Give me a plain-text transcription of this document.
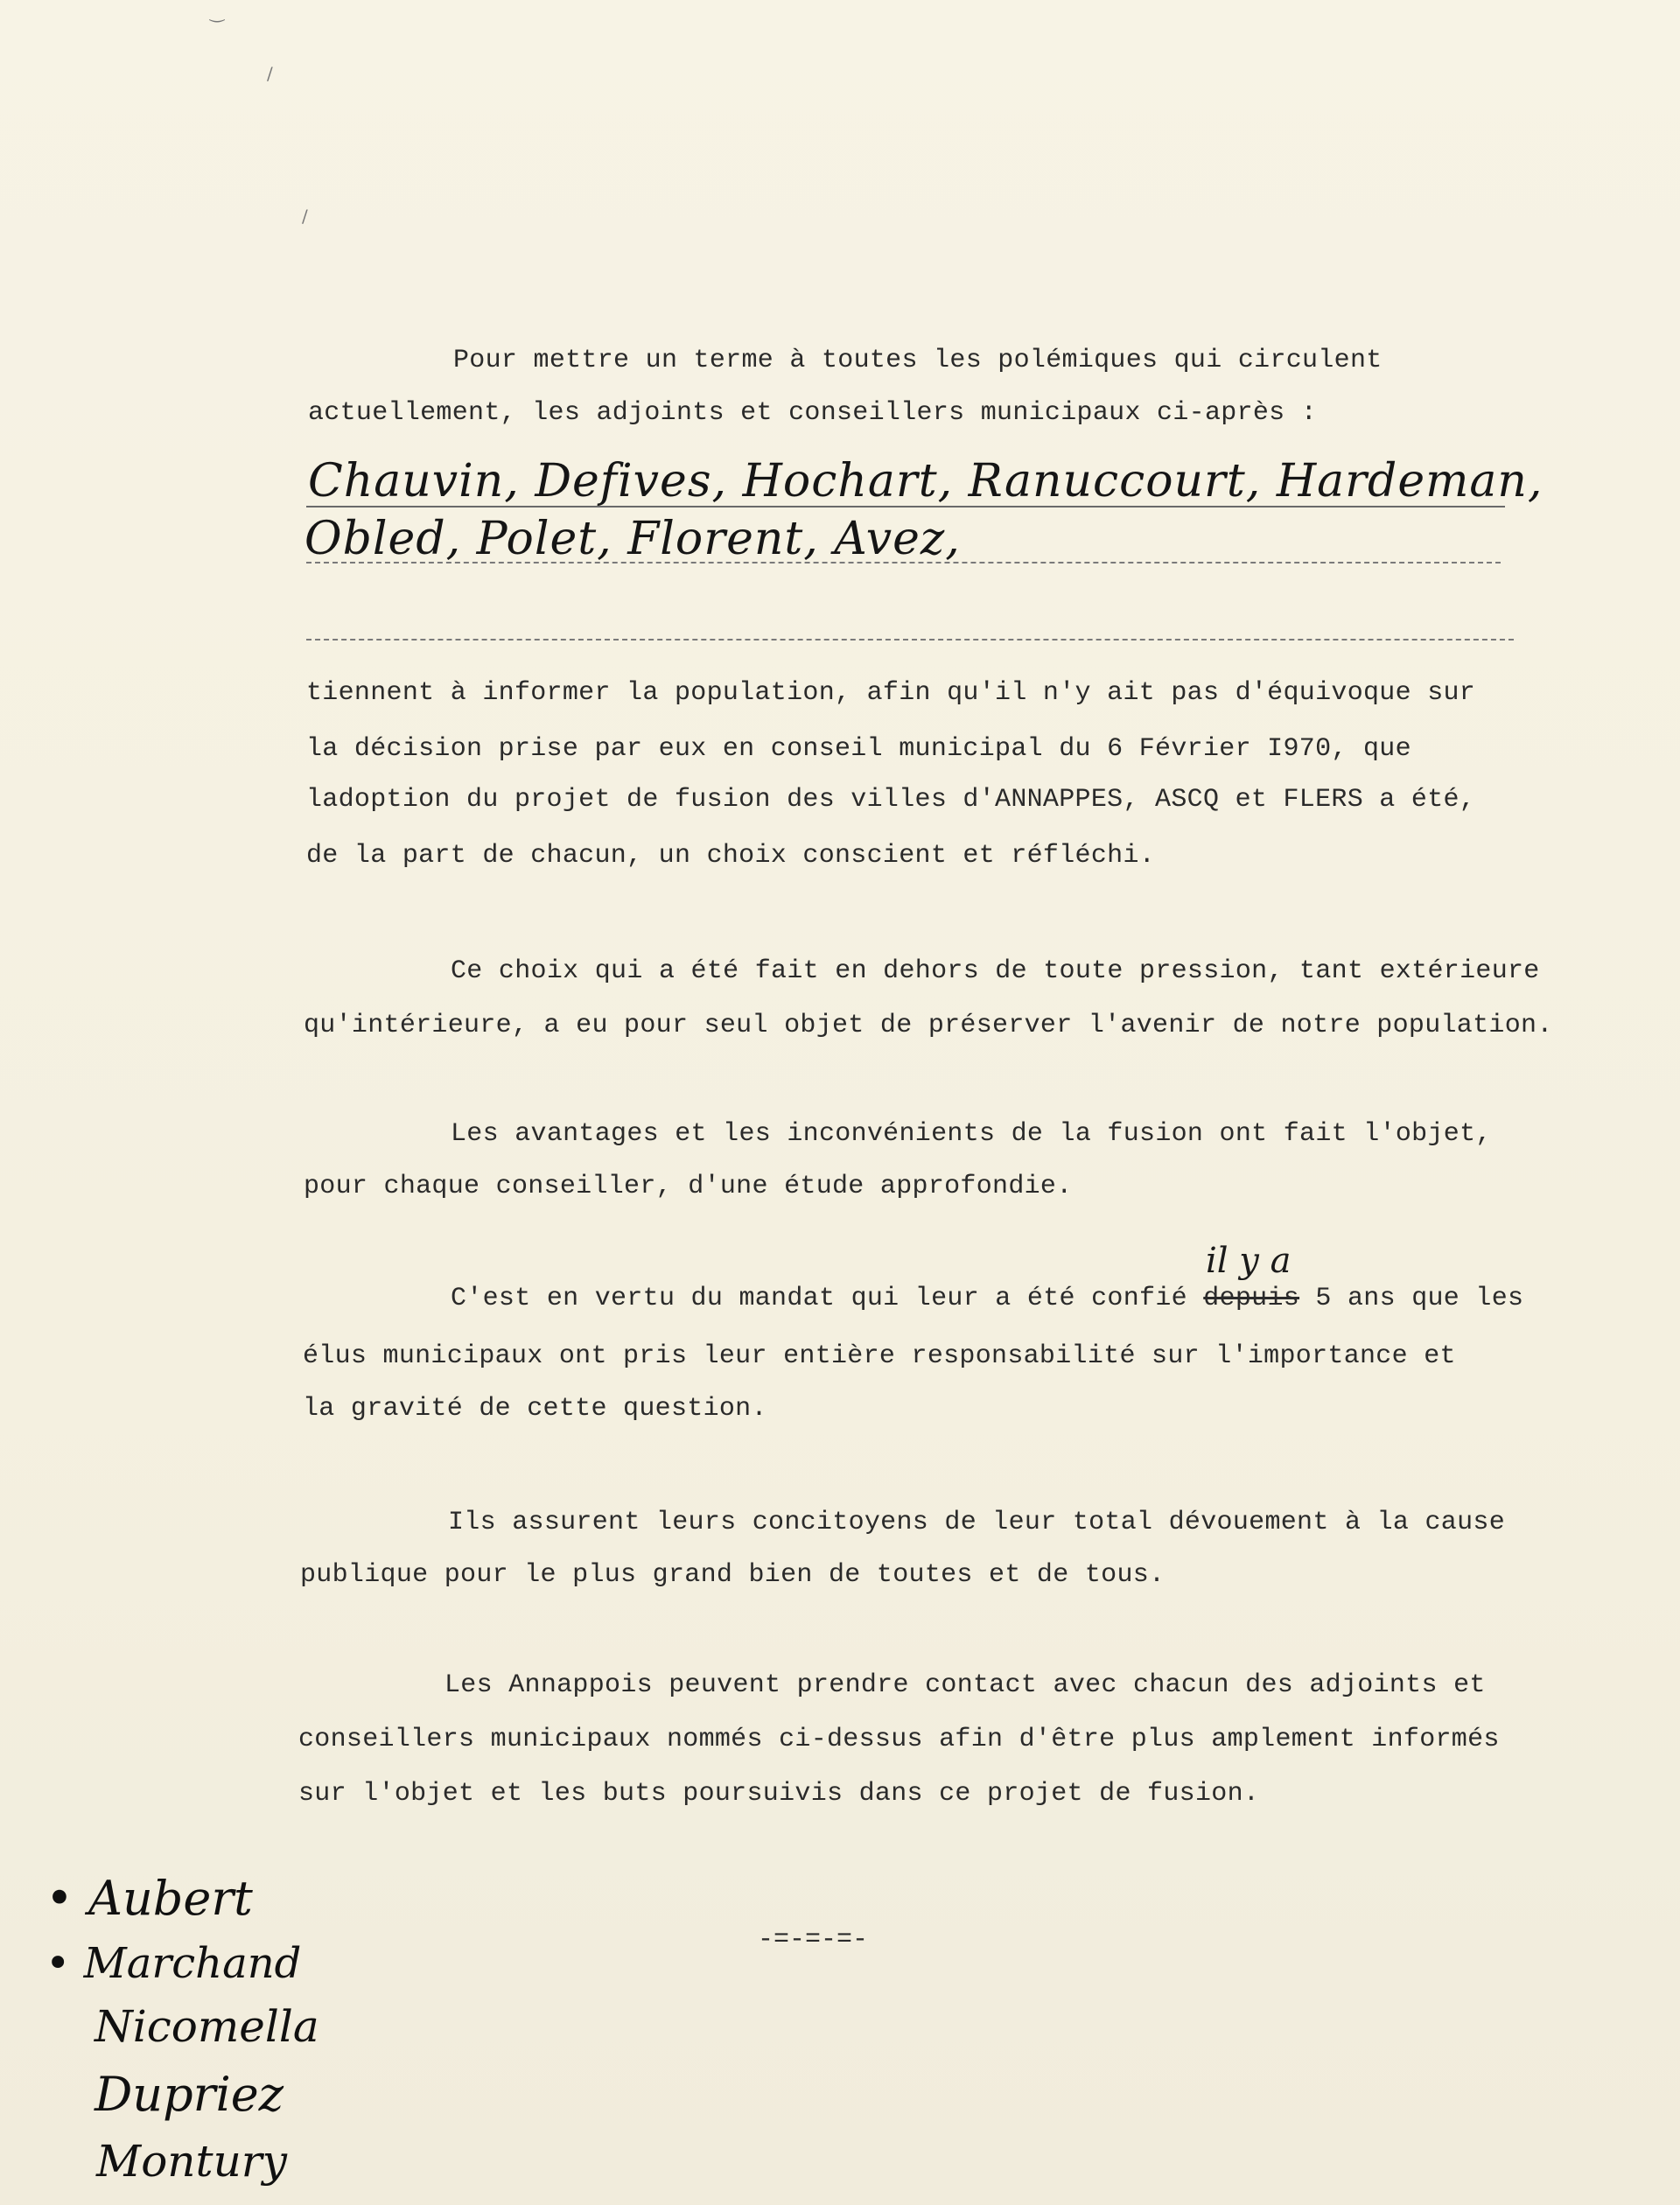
‿
/
/
Pour mettre un terme à toutes les polémiques qui circulent
actuellement, les adjoints et conseillers municipaux ci-après :
Chauvin, Defives, Hochart, Ranuccourt, Hardeman,
Obled, Polet, Florent, Avez,
tiennent à informer la population, afin qu'il n'y ait pas d'équivoque sur
la décision prise par eux en conseil municipal du 6 Février I970, que
ladoption du projet de fusion des villes d'ANNAPPES, ASCQ et FLERS a été,
de la part de chacun, un choix conscient et réfléchi.
Ce choix qui a été fait en dehors de toute pression, tant extérieure
qu'intérieure, a eu pour seul objet de préserver l'avenir de notre population.
Les avantages et les inconvénients de la fusion ont fait l'objet,
pour chaque conseiller, d'une étude approfondie.
il y a
C'est en vertu du mandat qui leur a été confié depuis 5 ans que les
élus municipaux ont pris leur entière responsabilité sur l'importance et
la gravité de cette question.
Ils assurent leurs concitoyens de leur total dévouement à la cause
publique pour le plus grand bien de toutes et de tous.
Les Annappois peuvent prendre contact avec chacun des adjoints et
conseillers municipaux nommés ci-dessus afin d'être plus amplement informés
sur l'objet et les buts poursuivis dans ce projet de fusion.
-=-=-=-
• Aubert
• Marchand
Nicomella
Dupriez
Montury
